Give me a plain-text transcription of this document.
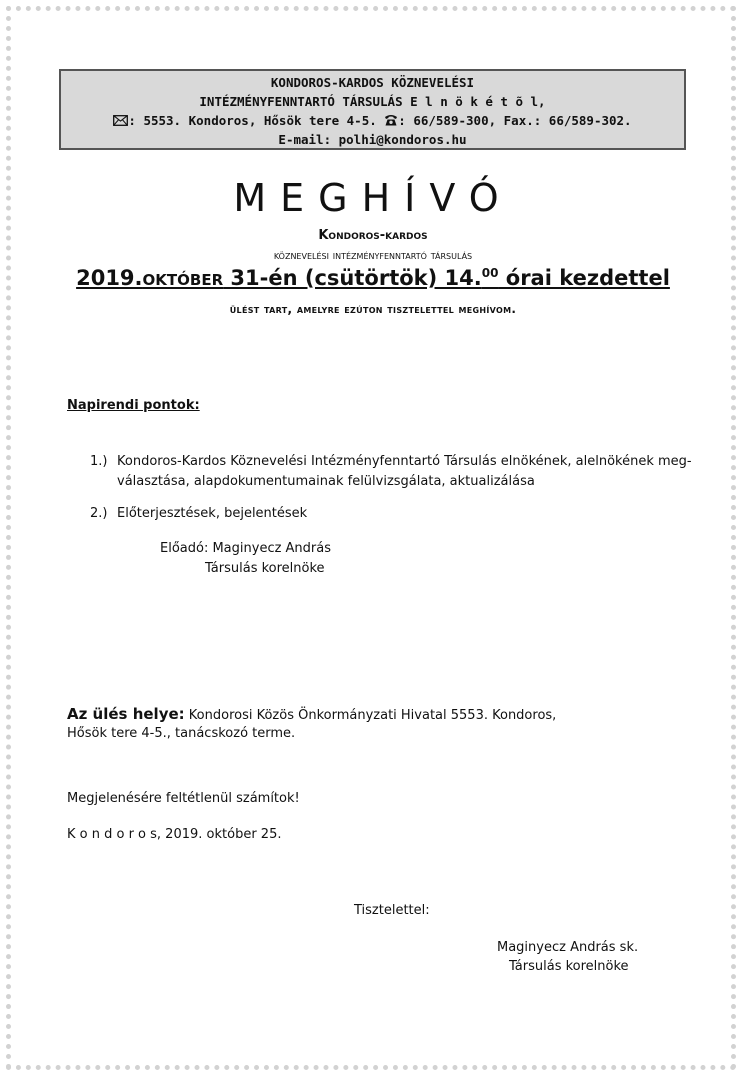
KONDOROS-KARDOS KÖZNEVELÉSI
INTÉZMÉNYFENNTARTÓ TÁRSULÁS E l n ö k é t õ l,
: 5553. Kondoros, Hősök tere 4-5. : 66/589-300, Fax.: 66/589-302.
E-mail: polhi@kondoros.hu
MEGHÍVÓ
Kondoros-kardos
köznevelési intézményfenntartó társulás
2019.október 31-én (csütörtök) 14.00 órai kezdettel
ülést tart, amelyre ezúton tisztelettel meghívom.
Napirendi pontok:
1.) Kondoros-Kardos Köznevelési Intézményfenntartó Társulás elnökének, alelnökének meg-
választása, alapdokumentumainak felülvizsgálata, aktualizálása
2.) Előterjesztések, bejelentések
Előadó: Maginyecz András
Társulás korelnöke
Az ülés helye: Kondorosi Közös Önkormányzati Hivatal 5553. Kondoros,
Hősök tere 4-5., tanácskozó terme.
Megjelenésére feltétlenül számítok!
K o n d o r o s, 2019. október 25.
Tisztelettel:
Maginyecz András sk.
Társulás korelnöke
